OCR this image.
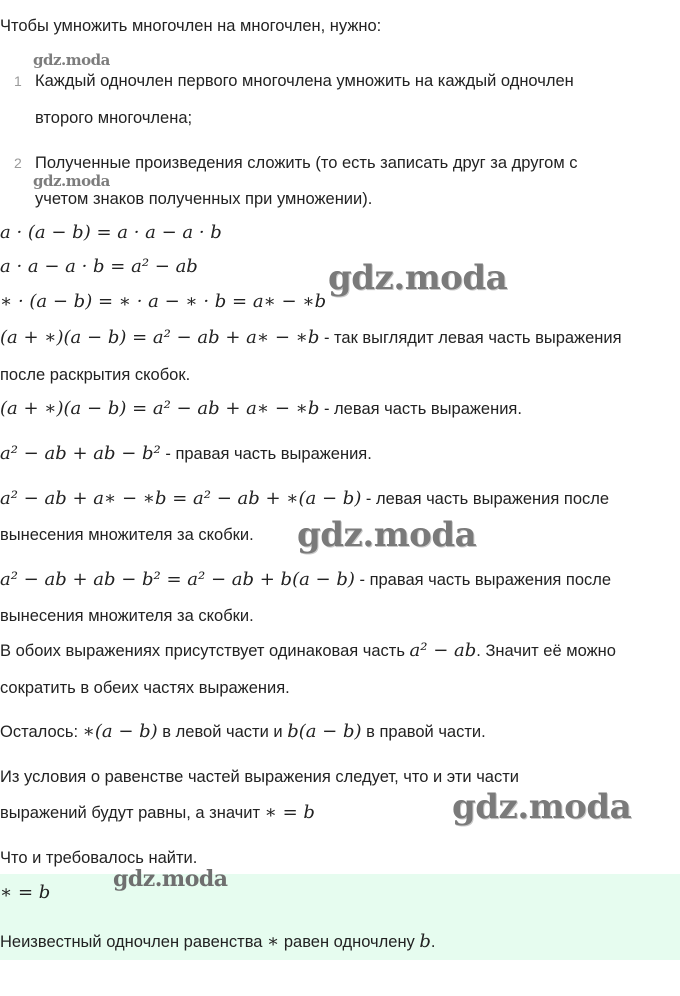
Чтобы умножить многочлен на многочлен, нужно:
gdz.moda
1 Каждый одночлен первого многочлена умножить на каждый одночлен
второго многочлена;
2 Полученные произведения сложить (то есть записать друг за другом с
gdz.moda
учетом знаков полученных при умножении).
a · (a − b) = a · a − a · b
a · a − a · b = a² − ab
∗ · (a − b) = ∗ · a − ∗ · b = a∗ − ∗b
gdz.moda
(a + ∗)(a − b) = a² − ab + a∗ − ∗b - так выглядит левая часть выражения
после раскрытия скобок.
(a + ∗)(a − b) = a² − ab + a∗ − ∗b - левая часть выражения.
a² − ab + ab − b² - правая часть выражения.
a² − ab + a∗ − ∗b = a² − ab + ∗(a − b) - левая часть выражения после
вынесения множителя за скобки. gdz.moda
a² − ab + ab − b² = a² − ab + b(a − b) - правая часть выражения после
вынесения множителя за скобки.
В обоих выражениях присутствует одинаковая часть a² − ab. Значит её можно
сократить в обеих частях выражения.
Осталось: ∗(a − b) в левой части и b(a − b) в правой части.
Из условия о равенстве частей выражения следует, что и эти части
выражений будут равны, а значит ∗ = b	gdz.moda
Что и требовалось найти.
∗ = b
Неизвестный одночлен равенства ∗ равен одночлену b.
gdz.moda
